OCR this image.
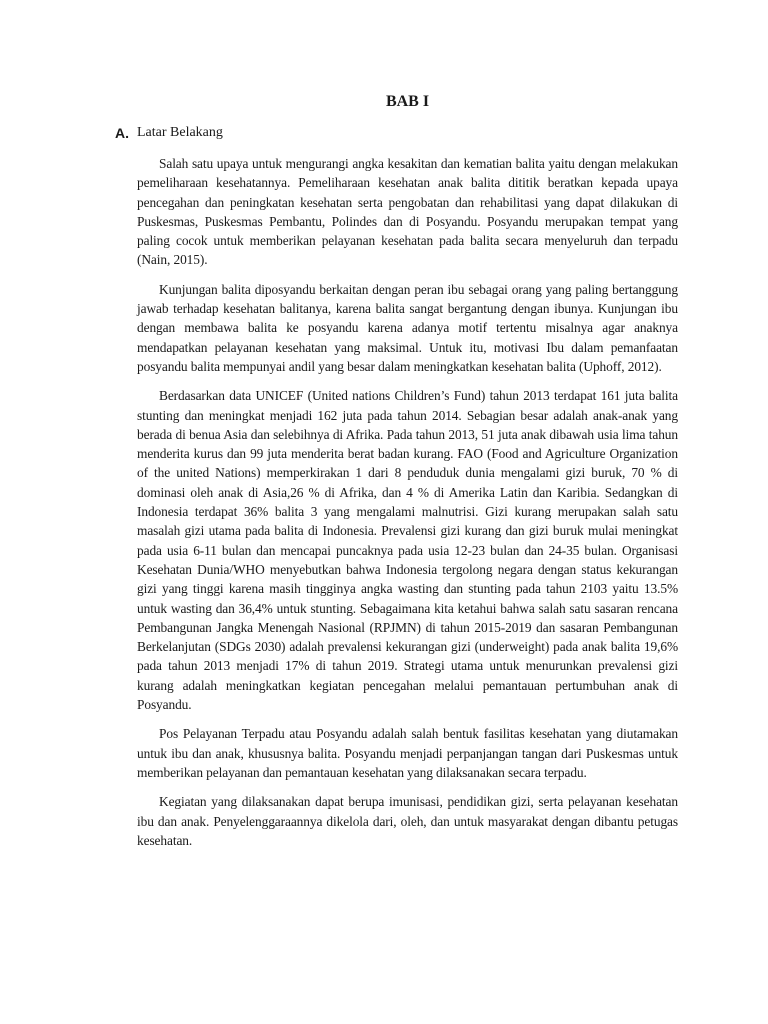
BAB I
A. Latar Belakang

Salah satu upaya untuk mengurangi angka kesakitan dan kematian balita yaitu dengan melakukan pemeliharaan kesehatannya. Pemeliharaan kesehatan anak balita dititik beratkan kepada upaya pencegahan dan peningkatan kesehatan serta pengobatan dan rehabilitasi yang dapat dilakukan di Puskesmas, Puskesmas Pembantu, Polindes dan di Posyandu. Posyandu merupakan tempat yang paling cocok untuk memberikan pelayanan kesehatan pada balita secara menyeluruh dan terpadu (Nain, 2015).

Kunjungan balita diposyandu berkaitan dengan peran ibu sebagai orang yang paling bertanggung jawab terhadap kesehatan balitanya, karena balita sangat bergantung dengan ibunya. Kunjungan ibu dengan membawa balita ke posyandu karena adanya motif tertentu misalnya agar anaknya mendapatkan pelayanan kesehatan yang maksimal. Untuk itu, motivasi Ibu dalam pemanfaatan posyandu balita mempunyai andil yang besar dalam meningkatkan kesehatan balita (Uphoff, 2012).

Berdasarkan data UNICEF (United nations Children’s Fund) tahun 2013 terdapat 161 juta balita stunting dan meningkat menjadi 162 juta pada tahun 2014. Sebagian besar adalah anak-anak yang berada di benua Asia dan selebihnya di Afrika. Pada tahun 2013, 51 juta anak dibawah usia lima tahun menderita kurus dan 99 juta menderita berat badan kurang. FAO (Food and Agriculture Organization of the united Nations) memperkirakan 1 dari 8 penduduk dunia mengalami gizi buruk, 70 % di dominasi oleh anak di Asia,26 % di Afrika, dan 4 % di Amerika Latin dan Karibia. Sedangkan di Indonesia terdapat 36% balita 3 yang mengalami malnutrisi. Gizi kurang merupakan salah satu masalah gizi utama pada balita di Indonesia. Prevalensi gizi kurang dan gizi buruk mulai meningkat pada usia 6-11 bulan dan mencapai puncaknya pada usia 12-23 bulan dan 24-35 bulan. Organisasi Kesehatan Dunia/WHO menyebutkan bahwa Indonesia tergolong negara dengan status kekurangan gizi yang tinggi karena masih tingginya angka wasting dan stunting pada tahun 2103 yaitu 13.5% untuk wasting dan 36,4% untuk stunting. Sebagaimana kita ketahui bahwa salah satu sasaran rencana Pembangunan Jangka Menengah Nasional (RPJMN) di tahun 2015-2019 dan sasaran Pembangunan Berkelanjutan (SDGs 2030) adalah prevalensi kekurangan gizi (underweight) pada anak balita 19,6% pada tahun 2013 menjadi 17% di tahun 2019. Strategi utama untuk menurunkan prevalensi gizi kurang adalah meningkatkan kegiatan pencegahan melalui pemantauan pertumbuhan anak di Posyandu.

Pos Pelayanan Terpadu atau Posyandu adalah salah bentuk fasilitas kesehatan yang diutamakan untuk ibu dan anak, khususnya balita. Posyandu menjadi perpanjangan tangan dari Puskesmas untuk memberikan pelayanan dan pemantauan kesehatan yang dilaksanakan secara terpadu.

Kegiatan yang dilaksanakan dapat berupa imunisasi, pendidikan gizi, serta pelayanan kesehatan ibu dan anak. Penyelenggaraannya dikelola dari, oleh, dan untuk masyarakat dengan dibantu petugas kesehatan.
